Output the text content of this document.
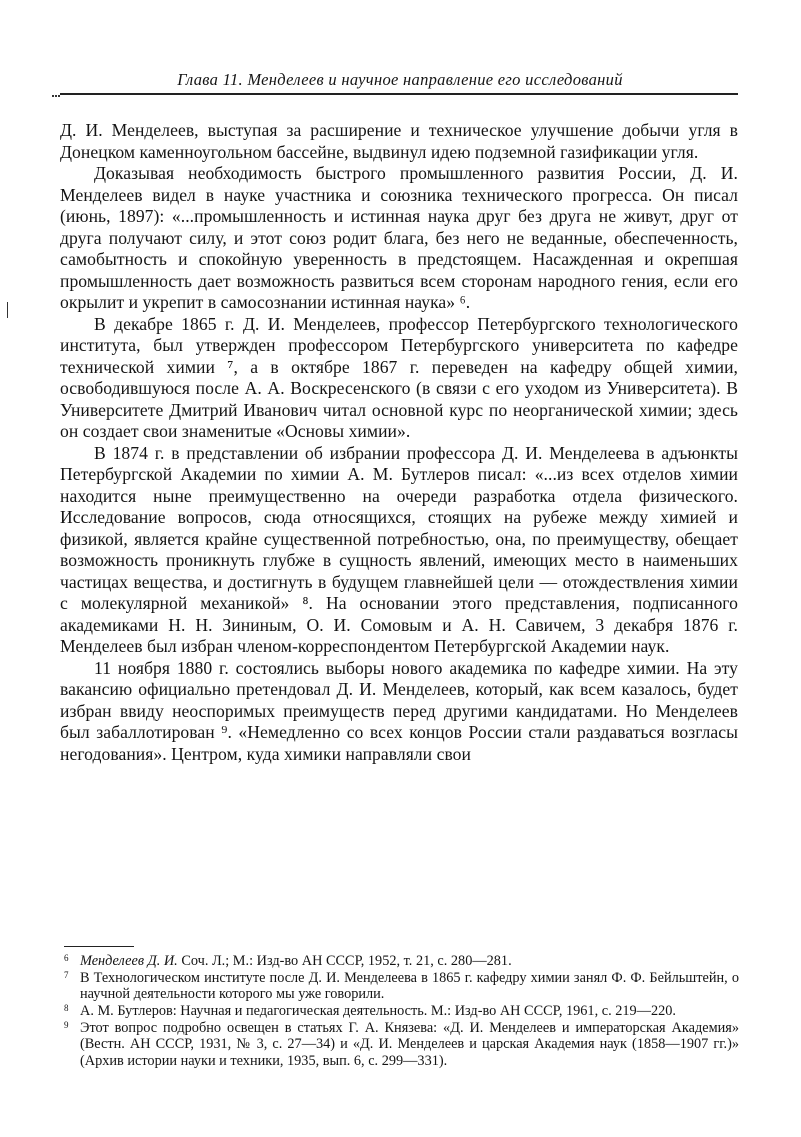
Глава 11. Менделеев и научное направление его исследований

Д. И. Менделеев, выступая за расширение и техническое улучшение добычи угля в Донецком каменноугольном бассейне, выдвинул идею подземной газификации угля.

Доказывая необходимость быстрого промышленного развития России, Д. И. Менделеев видел в науке участника и союзника технического прогресса. Он писал (июнь, 1897): «...промышленность и истинная наука друг без друга не живут, друг от друга получают силу, и этот союз родит блага, без него не веданные, обеспеченность, самобытность и спокойную уверенность в предстоящем. Насажденная и окрепшая промышленность дает возможность развиться всем сторонам народного гения, если его окрылит и укрепит в самосознании истинная наука» ⁶.

В декабре 1865 г. Д. И. Менделеев, профессор Петербургского технологического института, был утвержден профессором Петербургского университета по кафедре технической химии ⁷, а в октябре 1867 г. переведен на кафедру общей химии, освободившуюся после А. А. Воскресенского (в связи с его уходом из Университета). В Университете Дмитрий Иванович читал основной курс по неорганической химии; здесь он создает свои знаменитые «Основы химии».

В 1874 г. в представлении об избрании профессора Д. И. Менделеева в адъюнкты Петербургской Академии по химии А. М. Бутлеров писал: «...из всех отделов химии находится ныне преимущественно на очереди разработка отдела физического. Исследование вопросов, сюда относящихся, стоящих на рубеже между химией и физикой, является крайне существенной потребностью, она, по преимуществу, обещает возможность проникнуть глубже в сущность явлений, имеющих место в наименьших частицах вещества, и достигнуть в будущем главнейшей цели — отождествления химии с молекулярной механикой» ⁸. На основании этого представления, подписанного академиками Н. Н. Зининым, О. И. Сомовым и А. Н. Савичем, 3 декабря 1876 г. Менделеев был избран членом-корреспондентом Петербургской Академии наук.

11 ноября 1880 г. состоялись выборы нового академика по кафедре химии. На эту вакансию официально претендовал Д. И. Менделеев, который, как всем казалось, будет избран ввиду неоспоримых преимуществ перед другими кандидатами. Но Менделеев был забаллотирован ⁹. «Немедленно со всех концов России стали раздаваться возгласы негодования». Центром, куда химики направляли свои

6 Менделеев Д. И. Соч. Л.; М.: Изд-во АН СССР, 1952, т. 21, с. 280—281.
7 В Технологическом институте после Д. И. Менделеева в 1865 г. кафедру химии занял Ф. Ф. Бейльштейн, о научной деятельности которого мы уже говорили.
8 А. М. Бутлеров: Научная и педагогическая деятельность. М.: Изд-во АН СССР, 1961, с. 219—220.
9 Этот вопрос подробно освещен в статьях Г. А. Князева: «Д. И. Менделеев и императорская Академия» (Вестн. АН СССР, 1931, № 3, с. 27—34) и «Д. И. Менделеев и царская Академия наук (1858—1907 гг.)» (Архив истории науки и техники, 1935, вып. 6, с. 299—331).
